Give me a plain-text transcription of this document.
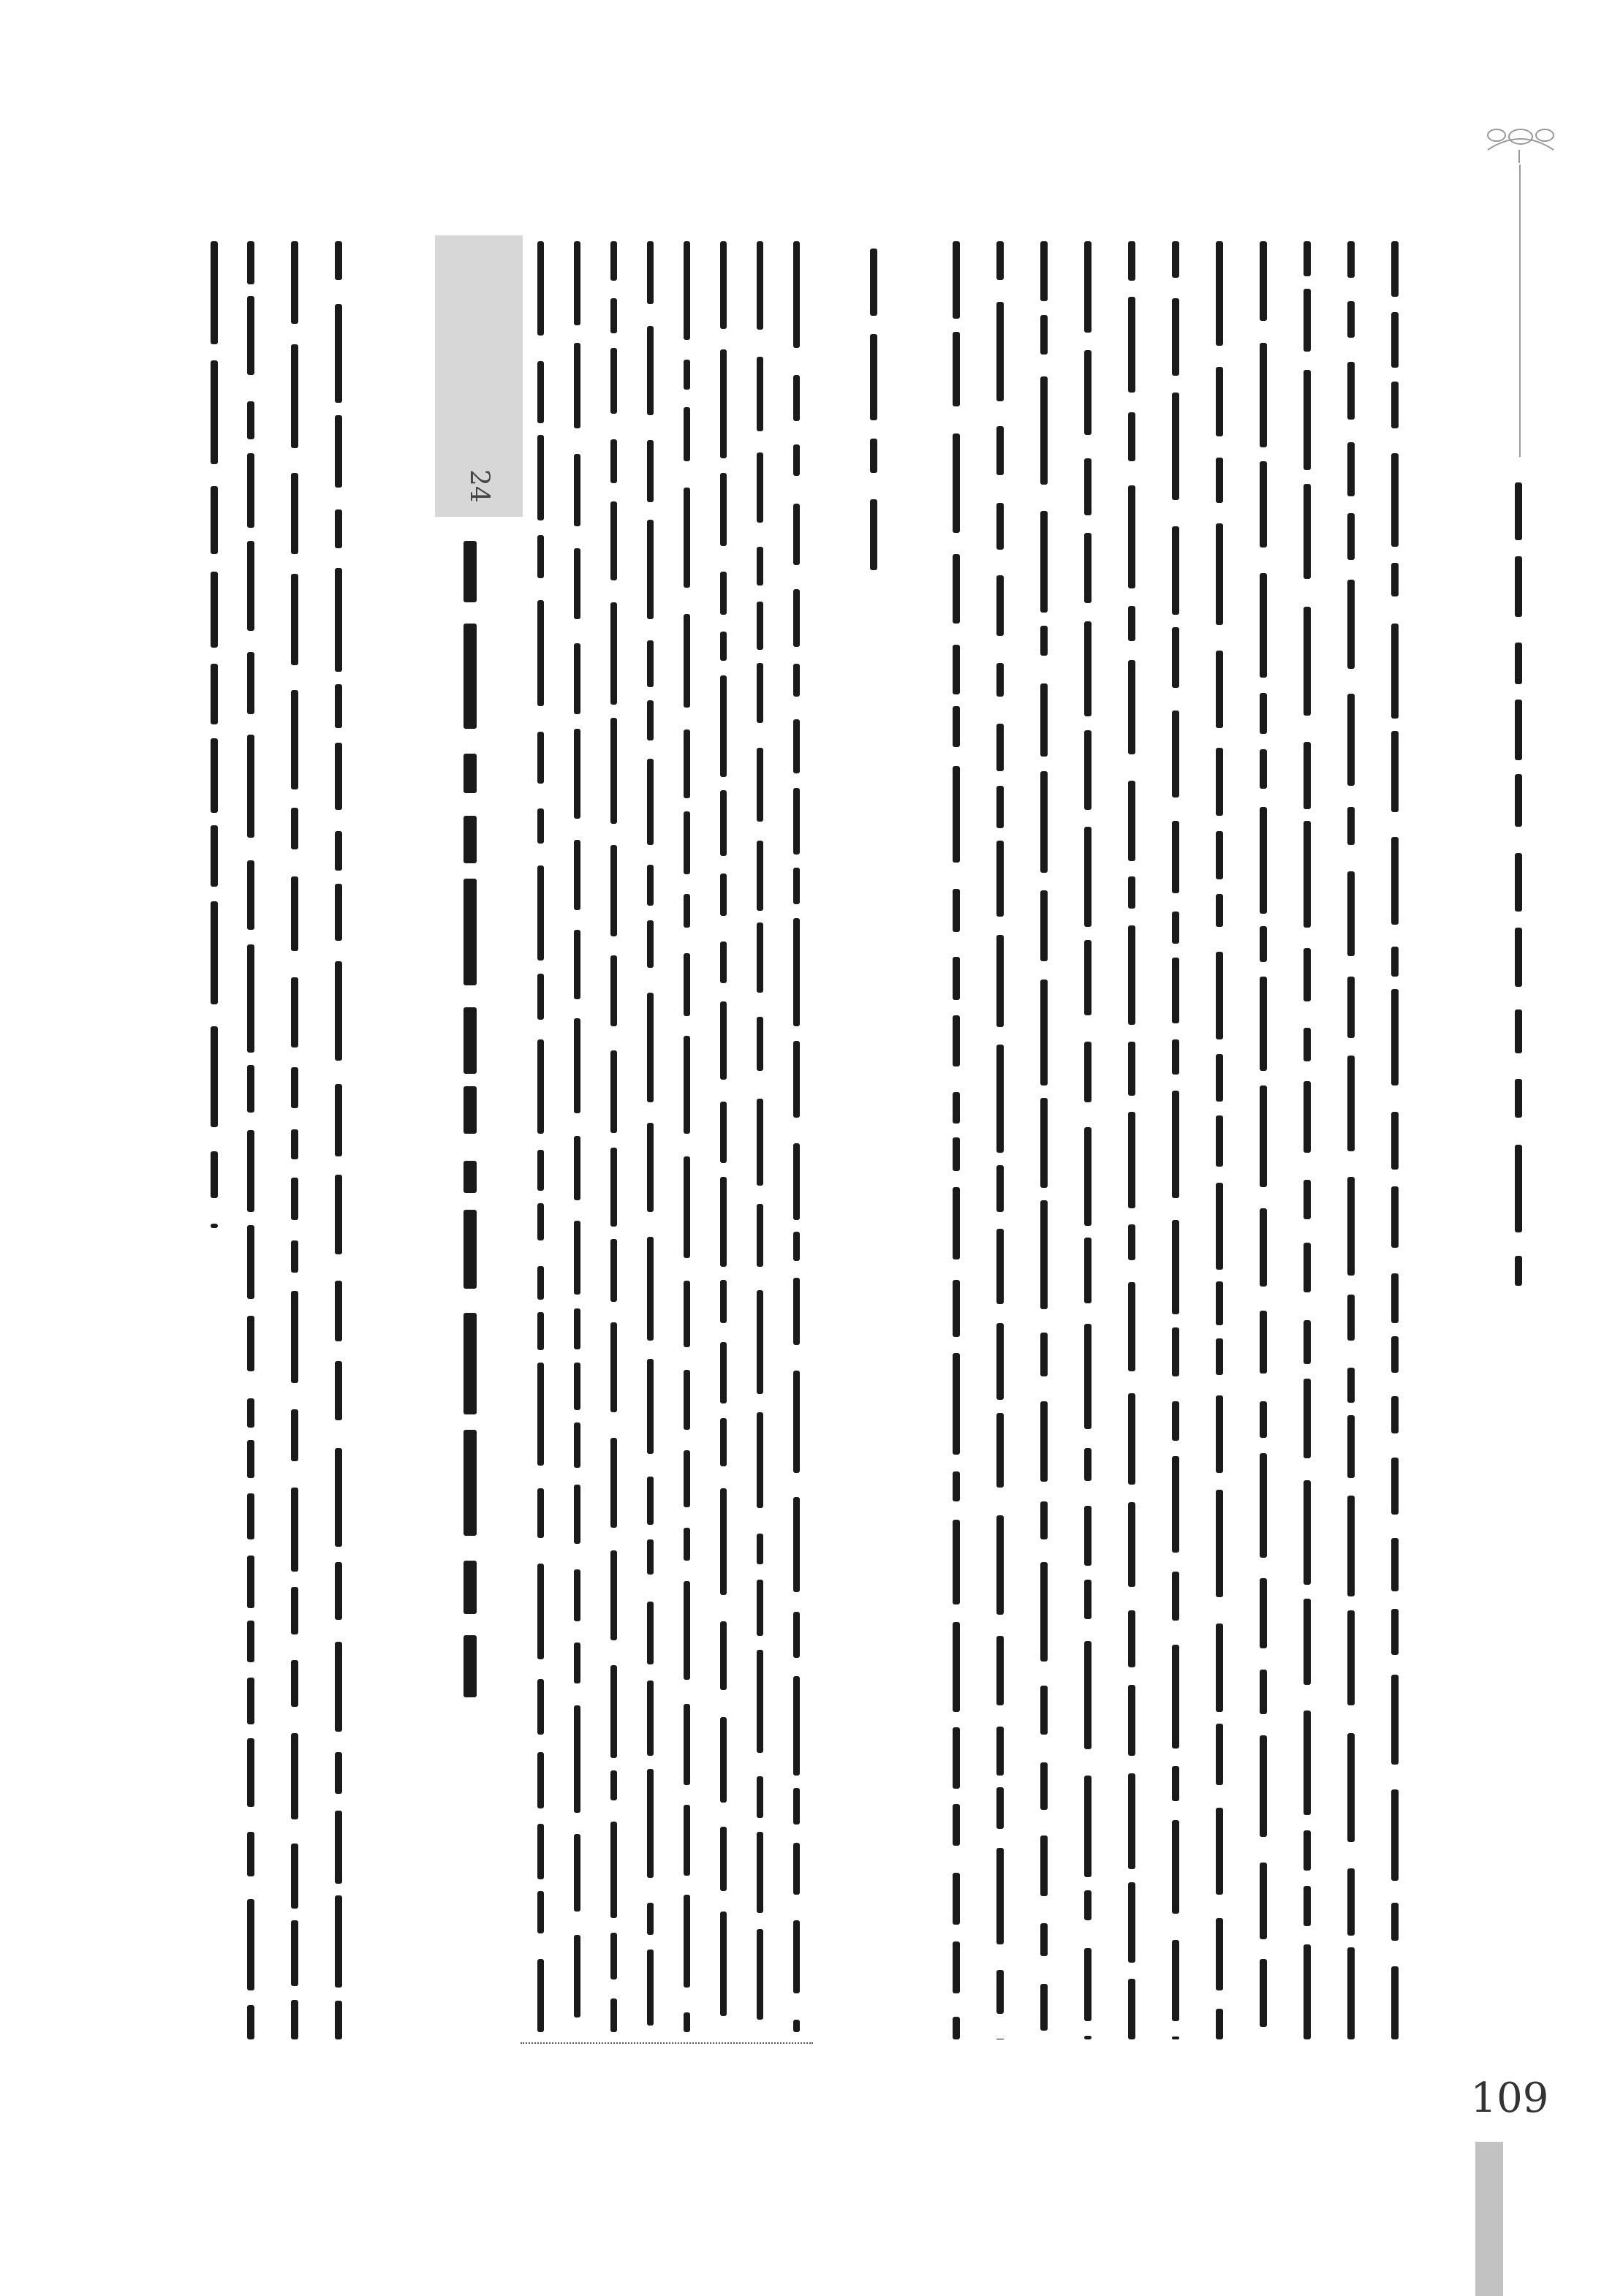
24
109
